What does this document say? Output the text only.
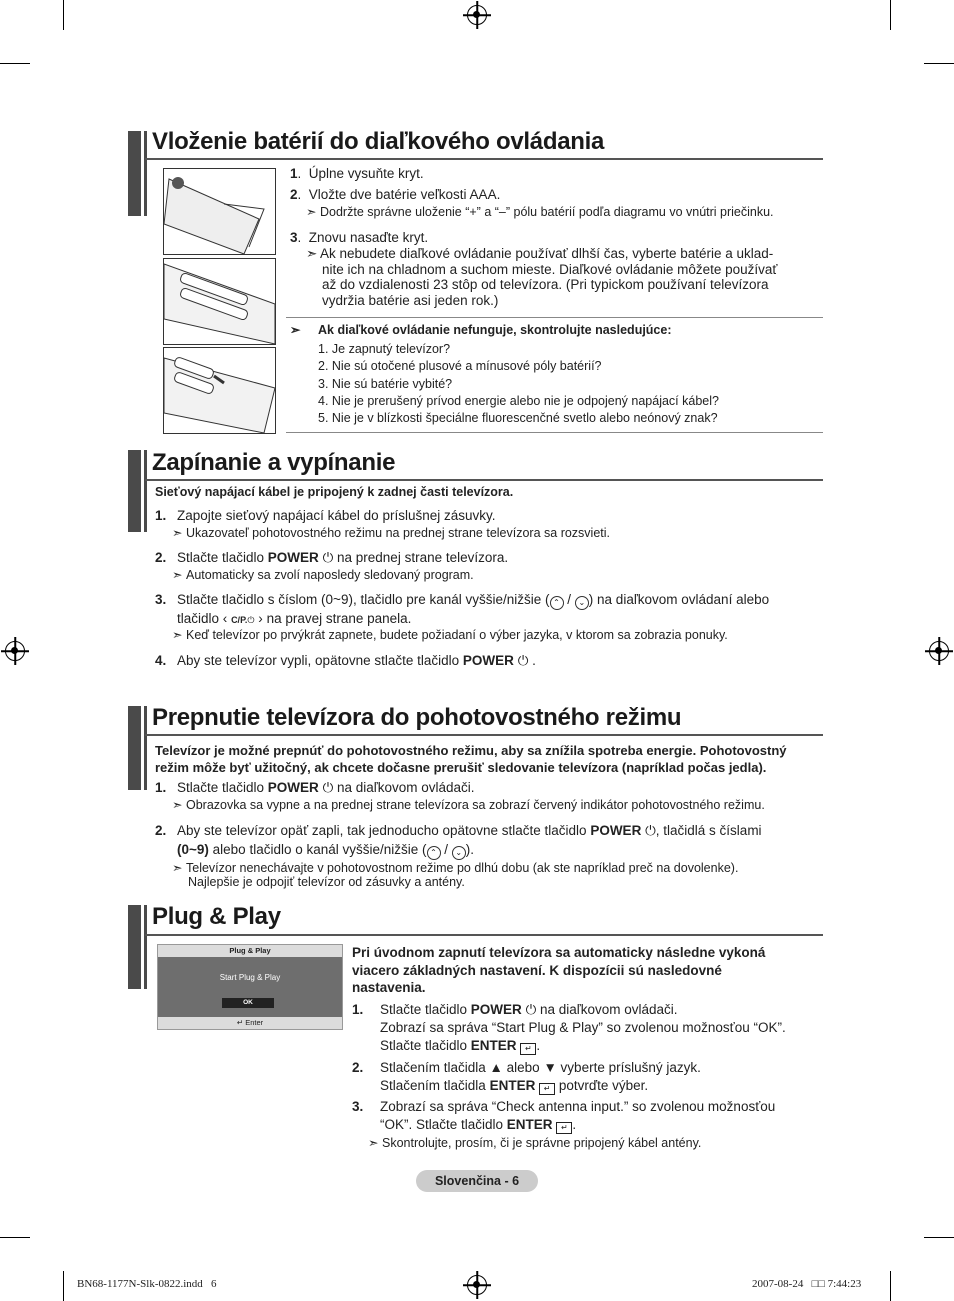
Vloženie batérií do diaľkového ovládania
1.  Úplne vysuňte kryt.
2.  Vložte dve batérie veľkosti AAA.
➣ Dodržte správne uloženie “+” a “–” pólu batérií podľa diagramu vo vnútri priečinku.
3.  Znovu nasaďte kryt.
➣ Ak nebudete diaľkové ovládanie používať dlhší čas, vyberte batérie a uklad-
nite ich na chladnom a suchom mieste. Diaľkové ovládanie môžete používať
až do vzdialenosti 23 stôp od televízora. (Pri typickom používaní televízora
vydržia batérie asi jeden rok.)
➣ Ak diaľkové ovládanie nefunguje, skontrolujte nasledujúce:
1. Je zapnutý televízor?
2. Nie sú otočené plusové a mínusové póly batérií?
3. Nie sú batérie vybité?
4. Nie je prerušený prívod energie alebo nie je odpojený napájací kábel?
5. Nie je v blízkosti špeciálne fluorescenčné svetlo alebo neónový znak?
Zapínanie a vypínanie
Sieťový napájací kábel je pripojený k zadnej časti televízora.
1. Zapojte sieťový napájací kábel do príslušnej zásuvky.
➣ Ukazovateľ pohotovostného režimu na prednej strane televízora sa rozsvieti.
2. Stlačte tlačidlo POWER ⏻ na prednej strane televízora.
➣ Automaticky sa zvolí naposledy sledovaný program.
3. Stlačte tlačidlo s číslom (0~9), tlačidlo pre kanál vyššie/nižšie ( ⌃ / ⌄ ) na diaľkovom ovládaní alebo
tlačidlo ‹ C/P.⏻ › na pravej strane panela.
➣ Keď televízor po prvýkrát zapnete, budete požiadaní o výber jazyka, v ktorom sa zobrazia ponuky.
4. Aby ste televízor vypli, opätovne stlačte tlačidlo POWER ⏻ .
Prepnutie televízora do pohotovostného režimu
Televízor je možné prepnúť do pohotovostného režimu, aby sa znížila spotreba energie. Pohotovostný
režim môže byť užitočný, ak chcete dočasne prerušiť sledovanie televízora (napríklad počas jedla).
1. Stlačte tlačidlo POWER ⏻ na diaľkovom ovládači.
➣ Obrazovka sa vypne a na prednej strane televízora sa zobrazí červený indikátor pohotovostného režimu.
2. Aby ste televízor opäť zapli, tak jednoducho opätovne stlačte tlačidlo POWER ⏻, tlačidlá s číslami
(0~9) alebo tlačidlo o kanál vyššie/nižšie ( ⌃ / ⌄ ).
➣ Televízor nenechávajte v pohotovostnom režime po dlhú dobu (ak ste napríklad preč na dovolenke).
Najlepšie je odpojiť televízor od zásuvky a antény.
Plug & Play
Plug & Play
Start Plug & Play
OK
↵ Enter
Pri úvodnom zapnutí televízora sa automaticky následne vykoná
viacero základných nastavení. K dispozícii sú nasledovné
nastavenia.
1. Stlačte tlačidlo POWER ⏻ na diaľkovom ovládači.
Zobrazí sa správa “Start Plug & Play” so zvolenou možnosťou “OK”.
Stlačte tlačidlo ENTER ↵ .
2. Stlačením tlačidla ▲ alebo ▼ vyberte príslušný jazyk.
Stlačením tlačidla ENTER ↵ potvrďte výber.
3. Zobrazí sa správa “Check antenna input.” so zvolenou možnosťou
“OK”. Stlačte tlačidlo ENTER ↵ .
➣ Skontrolujte, prosím, či je správne pripojený kábel antény.
Slovenčina - 6
BN68-1177N-Slk-0822.indd   6	2007-08-24   □□ 7:44:23
